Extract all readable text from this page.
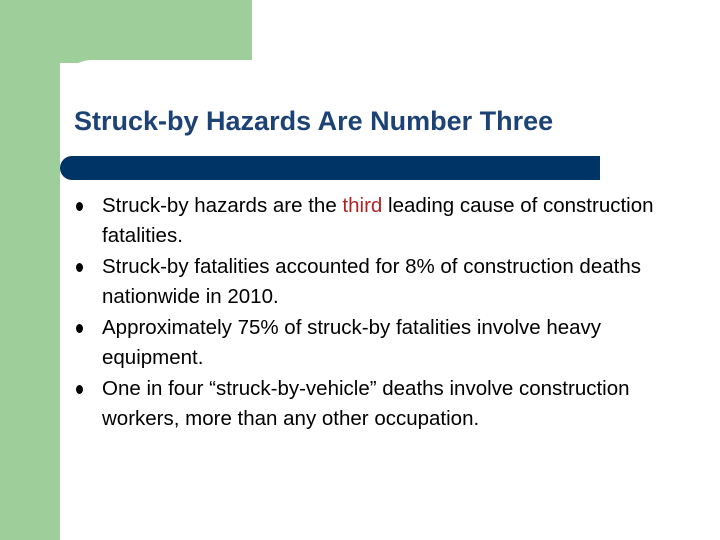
Struck-by Hazards Are Number Three
Struck-by hazards are the third leading cause of construction fatalities.
Struck-by fatalities accounted for 8% of construction deaths nationwide in 2010.
Approximately 75% of struck-by fatalities involve heavy equipment.
One in four “struck-by-vehicle” deaths involve construction workers, more than any other occupation.
